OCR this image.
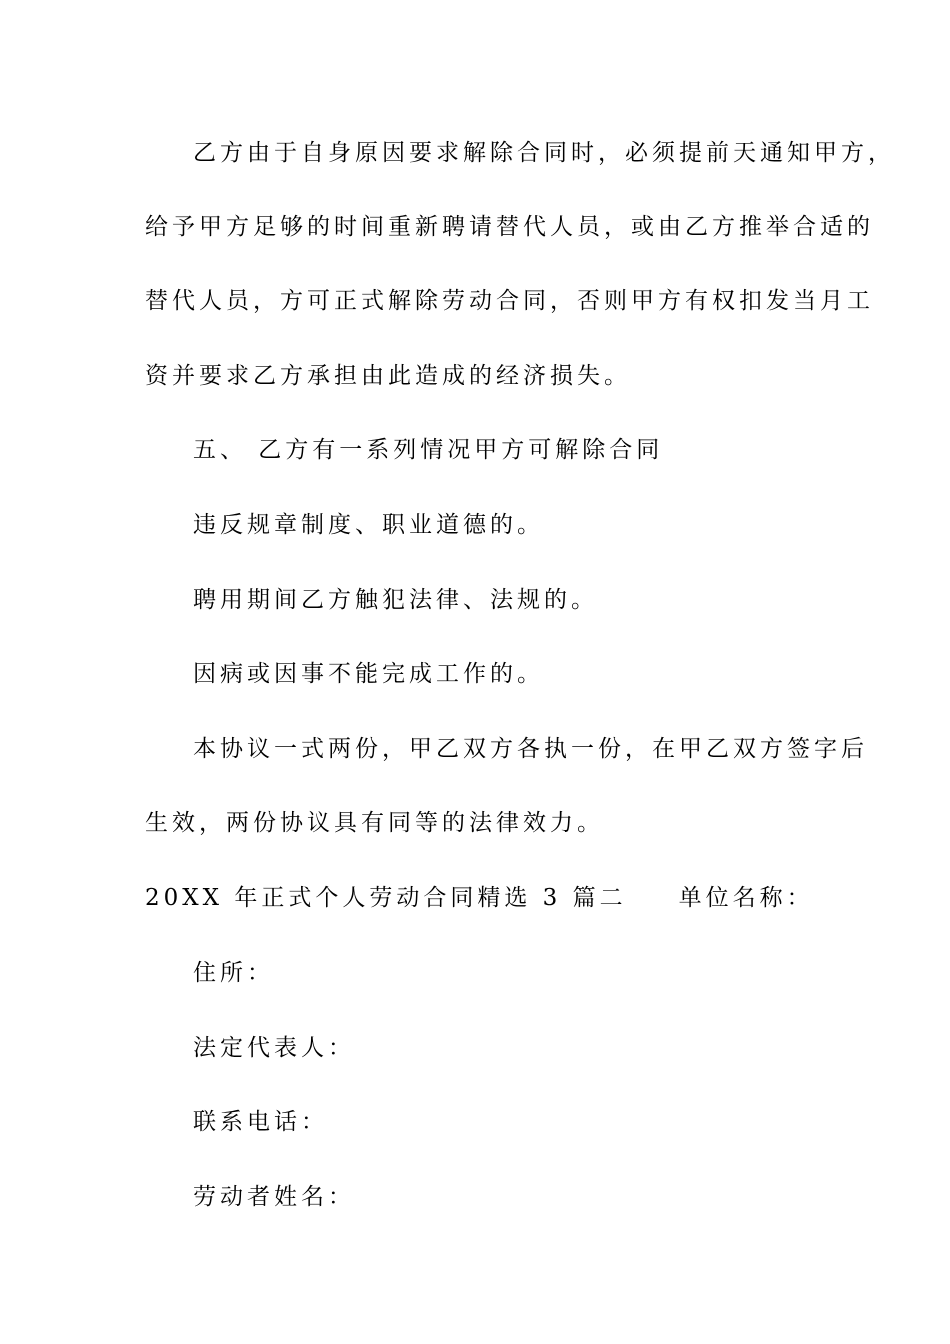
乙方由于自身原因要求解除合同时，必须提前天通知甲方，
给予甲方足够的时间重新聘请替代人员，或由乙方推举合适的
替代人员，方可正式解除劳动合同，否则甲方有权扣发当月工
资并要求乙方承担由此造成的经济损失。
五、 乙方有一系列情况甲方可解除合同
违反规章制度、职业道德的。
聘用期间乙方触犯法律、法规的。
因病或因事不能完成工作的。
本协议一式两份，甲乙双方各执一份，在甲乙双方签字后
生效，两份协议具有同等的法律效力。
20XX 年正式个人劳动合同精选 3 篇二 单位名称：
住所：
法定代表人：
联系电话：
劳动者姓名：
